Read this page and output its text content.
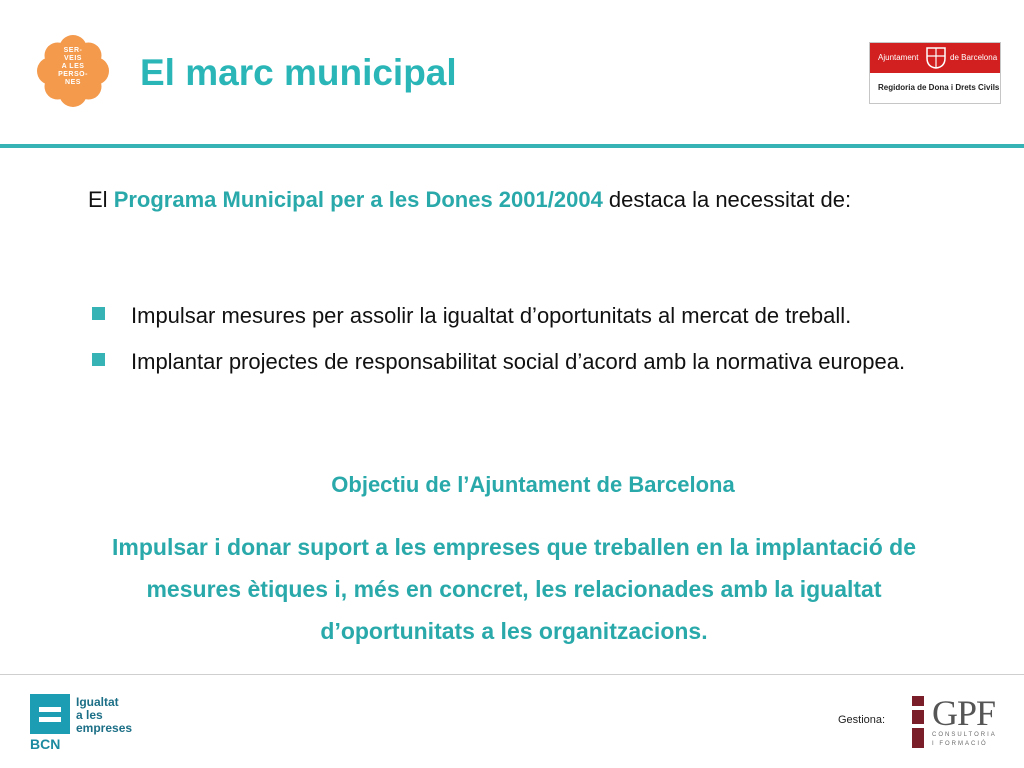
SER-
VEIS
A LES
PERSO-
NES	El marc municipal	Ajuntament	de Barcelona
Regidoria de Dona i Drets Civils
El Programa Municipal per a les Dones 2001/2004 destaca la necessitat de:
Impulsar mesures per assolir la igualtat d’oportunitats al mercat de treball.
Implantar projectes de responsabilitat social d’acord amb la normativa europea.
Objectiu de l’Ajuntament de Barcelona
Impulsar i donar suport a les empreses que treballen en la implantació de mesures ètiques i, més en concret, les relacionades amb la igualtat d’oportunitats a les organitzacions.
Igualtat
a les
empreses
BCN
Gestiona: GPF
CONSULTORIA
I FORMACIÓ
